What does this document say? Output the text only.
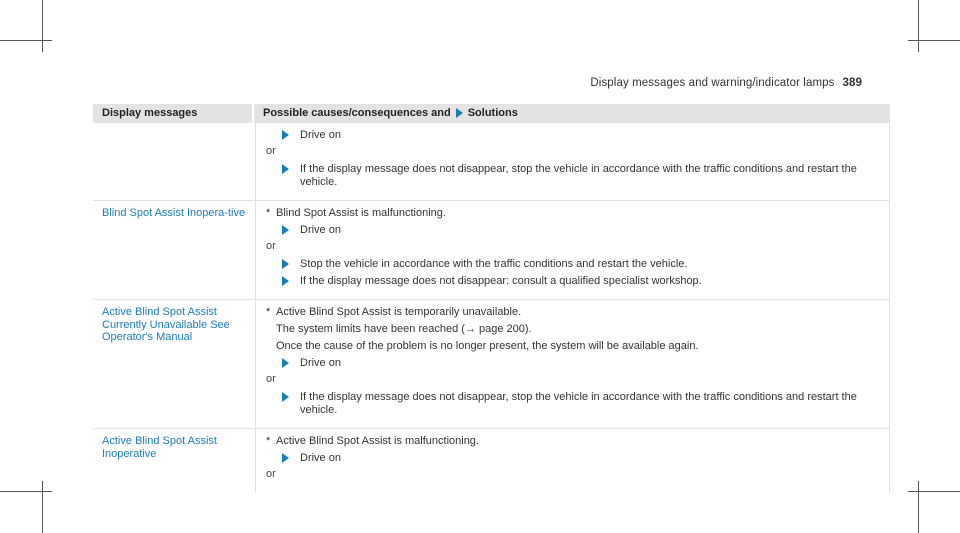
Display messages and warning/indicator lamps 389
Display messages	Possible causes/consequences and Solutions
Drive on
or
If the display message does not disappear, stop the vehicle in accordance with the traffic conditions and restart the vehicle.
Blind Spot Assist Inopera-tive	* Blind Spot Assist is malfunctioning.
Drive on
or
Stop the vehicle in accordance with the traffic conditions and restart the vehicle.
If the display message does not disappear: consult a qualified specialist workshop.
Active Blind Spot Assist Currently Unavailable See Operator's Manual
* Active Blind Spot Assist is temporarily unavailable.
The system limits have been reached (→ page 200).
Once the cause of the problem is no longer present, the system will be available again.
Drive on
or
If the display message does not disappear, stop the vehicle in accordance with the traffic conditions and restart the vehicle.
Active Blind Spot Assist Inoperative
* Active Blind Spot Assist is malfunctioning.
Drive on
or
